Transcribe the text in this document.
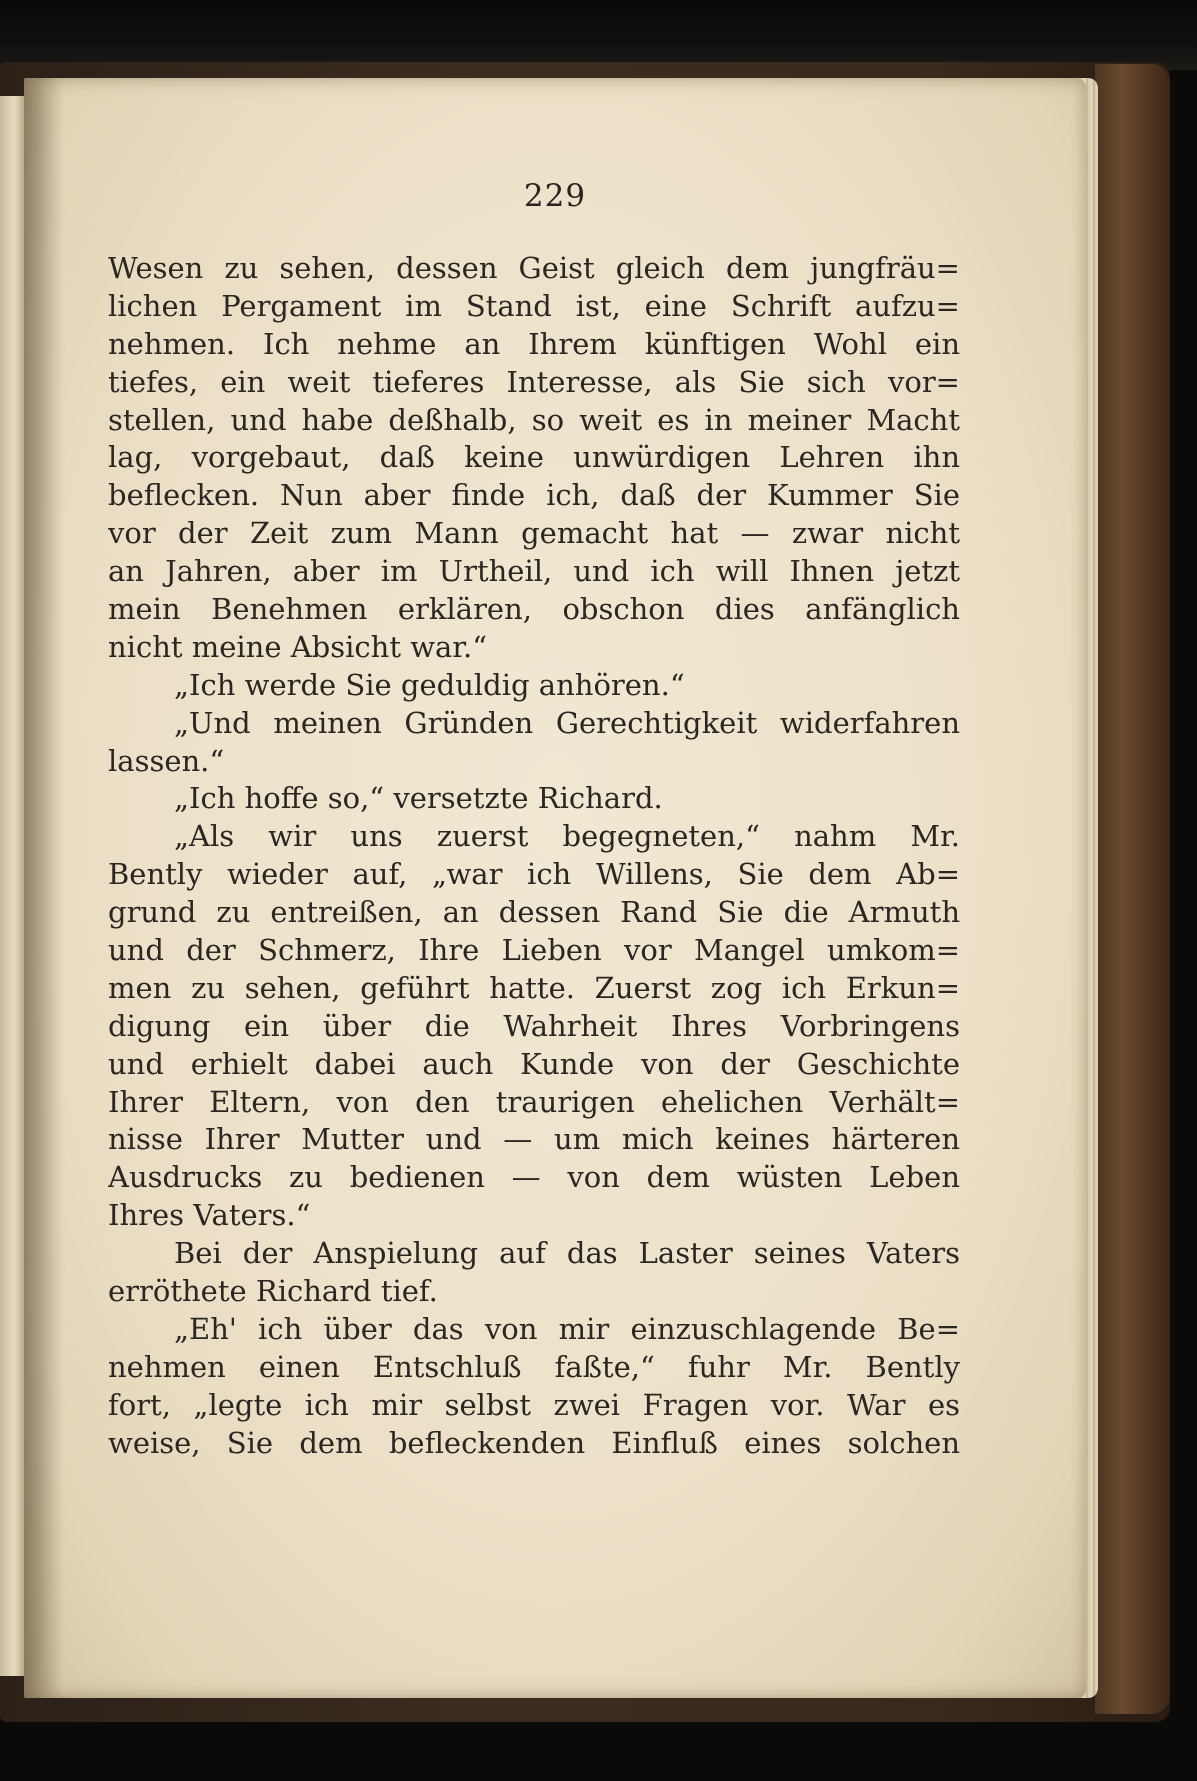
229
Wesen zu sehen, dessen Geist gleich dem jungfräu=
lichen Pergament im Stand ist, eine Schrift aufzu=
nehmen. Ich nehme an Ihrem künftigen Wohl ein
tiefes, ein weit tieferes Interesse, als Sie sich vor=
stellen, und habe deßhalb, so weit es in meiner Macht
lag, vorgebaut, daß keine unwürdigen Lehren ihn
beflecken. Nun aber finde ich, daß der Kummer Sie
vor der Zeit zum Mann gemacht hat — zwar nicht
an Jahren, aber im Urtheil, und ich will Ihnen jetzt
mein Benehmen erklären, obschon dies anfänglich
nicht meine Absicht war.“
„Ich werde Sie geduldig anhören.“
„Und meinen Gründen Gerechtigkeit widerfahren
lassen.“
„Ich hoffe so,“ versetzte Richard.
„Als wir uns zuerst begegneten,“ nahm Mr.
Bently wieder auf, „war ich Willens, Sie dem Ab=
grund zu entreißen, an dessen Rand Sie die Armuth
und der Schmerz, Ihre Lieben vor Mangel umkom=
men zu sehen, geführt hatte. Zuerst zog ich Erkun=
digung ein über die Wahrheit Ihres Vorbringens
und erhielt dabei auch Kunde von der Geschichte
Ihrer Eltern, von den traurigen ehelichen Verhält=
nisse Ihrer Mutter und — um mich keines härteren
Ausdrucks zu bedienen — von dem wüsten Leben
Ihres Vaters.“
Bei der Anspielung auf das Laster seines Vaters
erröthete Richard tief.
„Eh' ich über das von mir einzuschlagende Be=
nehmen einen Entschluß faßte,“ fuhr Mr. Bently
fort, „legte ich mir selbst zwei Fragen vor. War es
weise, Sie dem befleckenden Einfluß eines solchen
